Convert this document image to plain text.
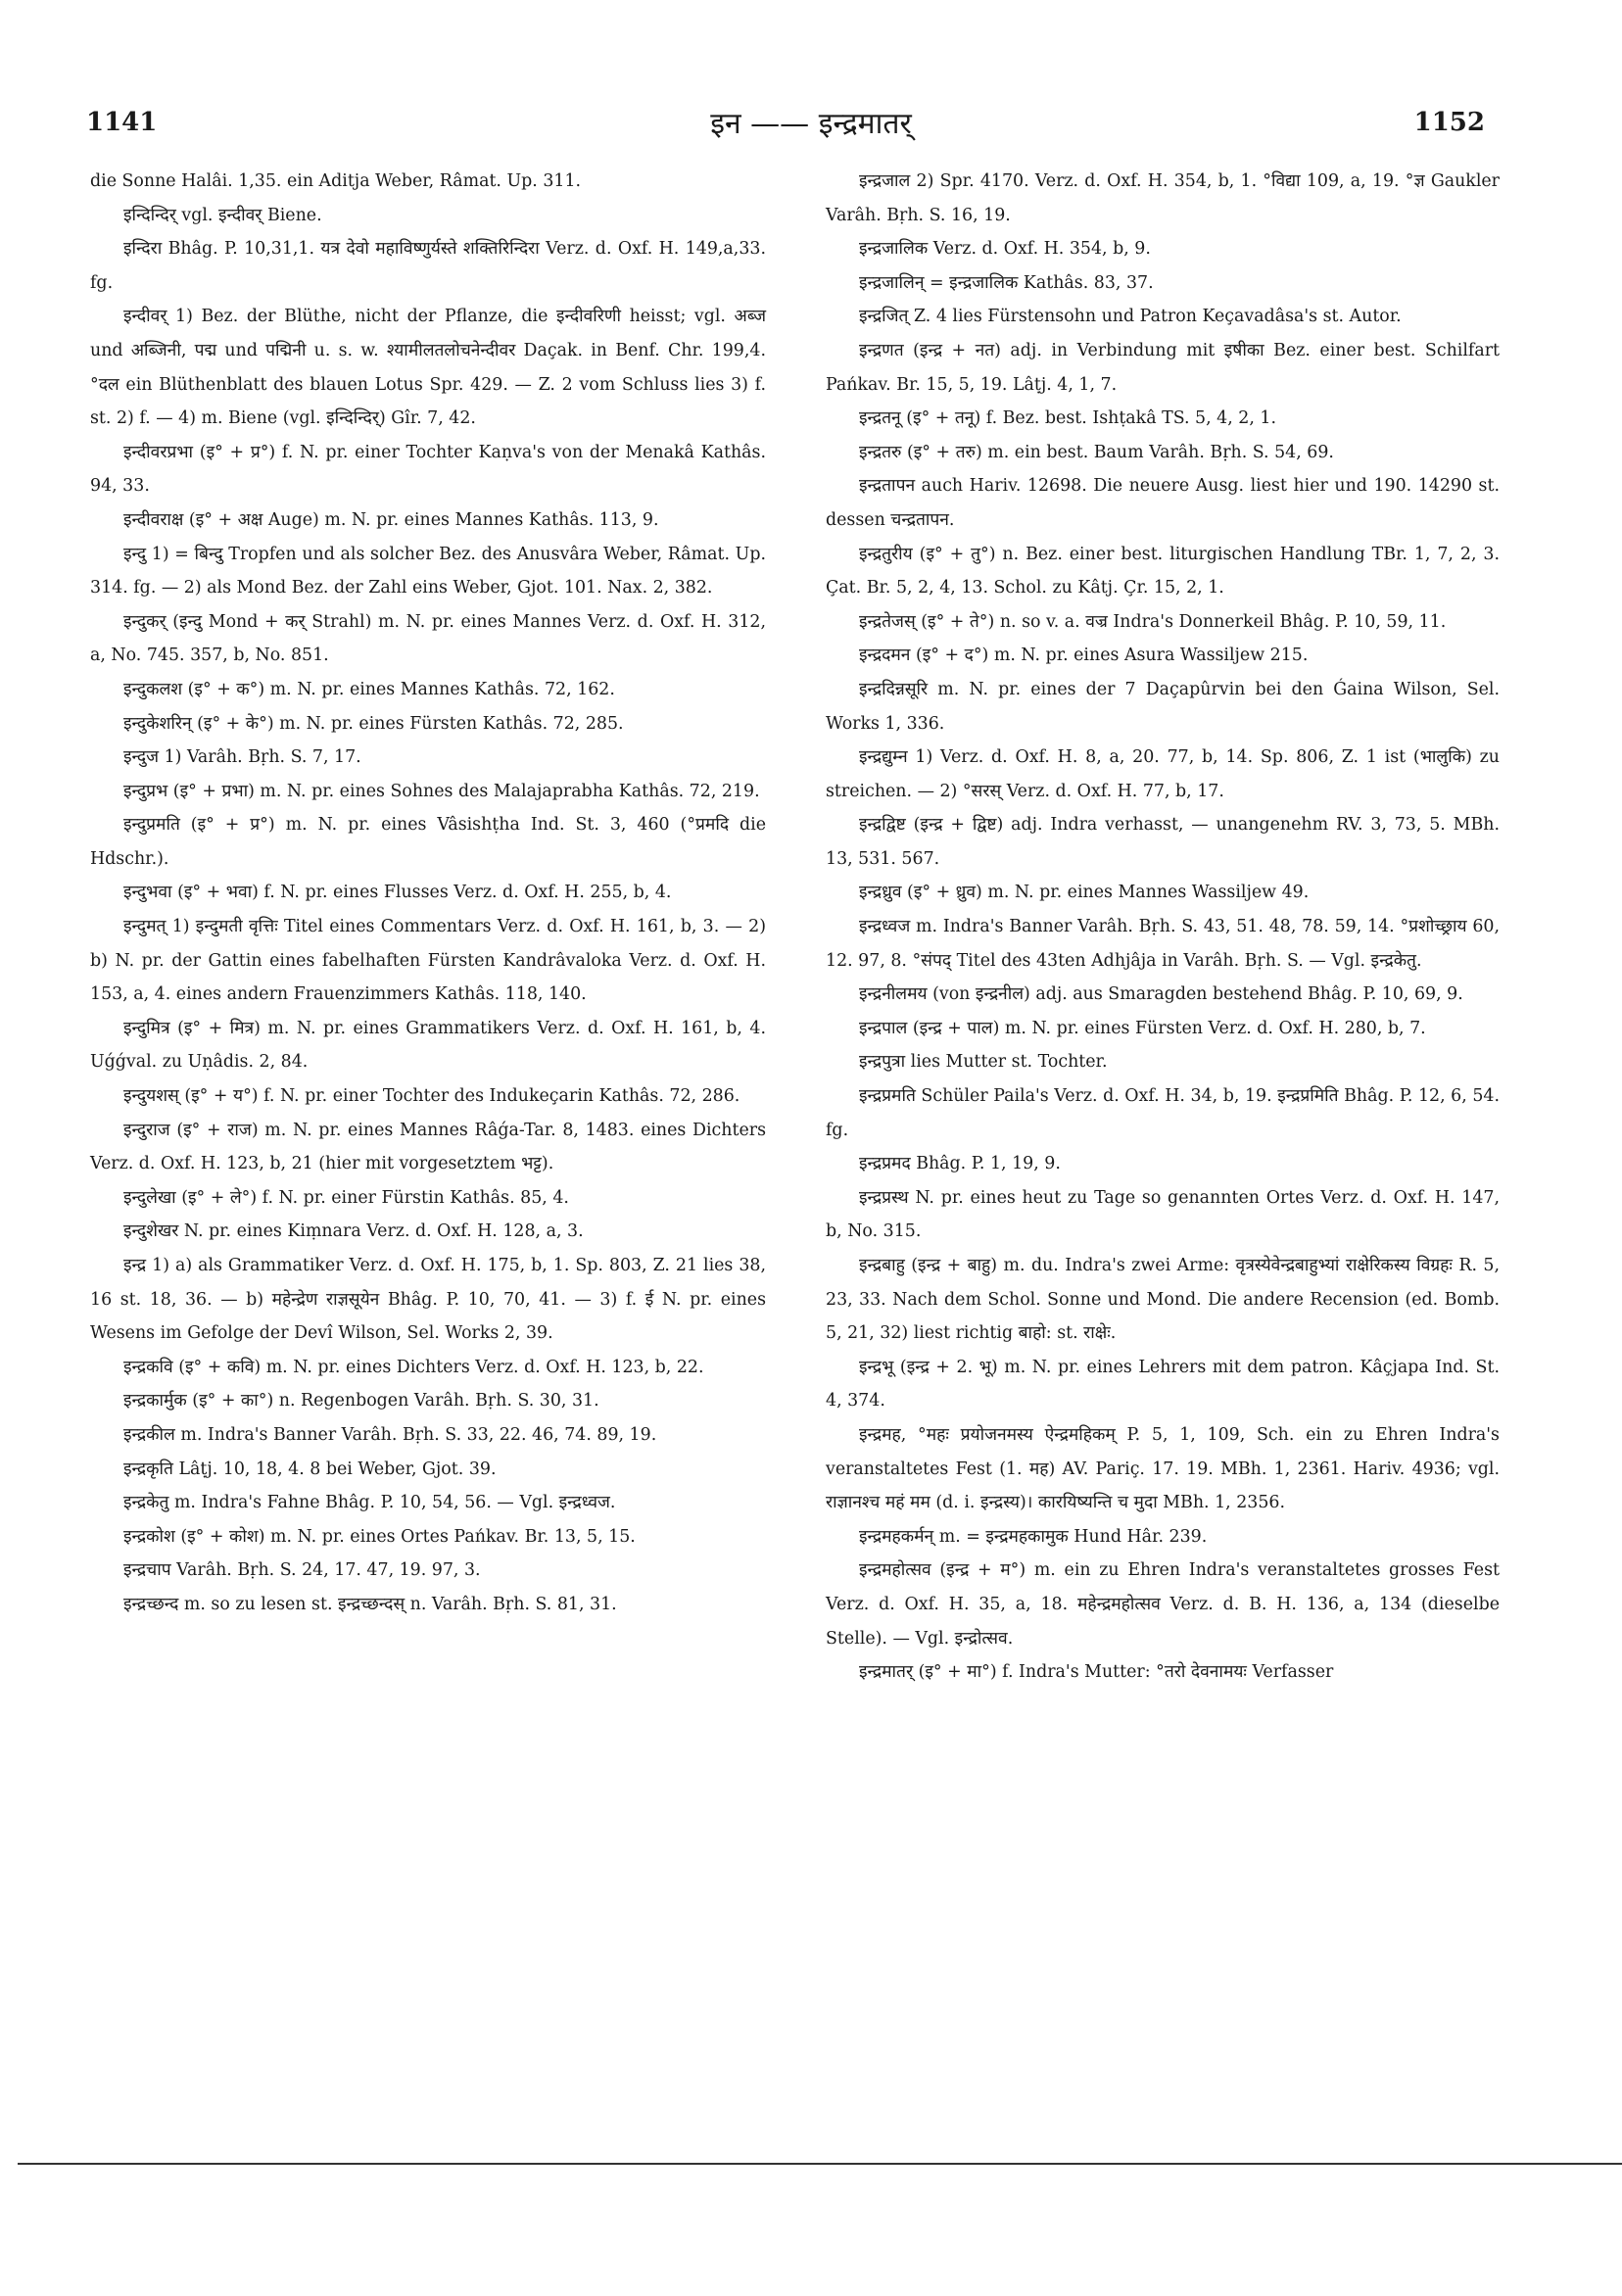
1141	इन —— इन्द्रमातर्	1152

die Sonne Halâi. 1,35. ein Aditja Weber, Râmat. Up. 311.

इन्दिन्दिर् vgl. इन्दीवर् Biene.

इन्दिरा Bhâg. P. 10,31,1. यत्र देवो महाविष्णुर्यस्ते शक्तिरिन्दिरा Verz. d. Oxf. H. 149,a,33. fg.

इन्दीवर् 1) Bez. der Blüthe, nicht der Pflanze, die इन्दीवरिणी heisst; vgl. अब्ज und अब्जिनी, पद्म und पद्मिनी u. s. w. श्यामीलतलोचनेन्दीवर Daçak. in Benf. Chr. 199,4. °दल ein Blüthenblatt des blauen Lotus Spr. 429. — Z. 2 vom Schluss lies 3) f. st. 2) f. — 4) m. Biene (vgl. इन्दिन्दिर्) Gîr. 7, 42.

इन्दीवरप्रभा (इ° + प्र°) f. N. pr. einer Tochter Kaṇva's von der Menakâ Kathâs. 94, 33.

इन्दीवराक्ष (इ° + अक्ष Auge) m. N. pr. eines Mannes Kathâs. 113, 9.

इन्दु 1) = बिन्दु Tropfen und als solcher Bez. des Anusvâra Weber, Râmat. Up. 314. fg. — 2) als Mond Bez. der Zahl eins Weber, Gjot. 101. Nax. 2, 382.

इन्दुकर् (इन्दु Mond + कर् Strahl) m. N. pr. eines Mannes Verz. d. Oxf. H. 312, a, No. 745. 357, b, No. 851.

इन्दुकलश (इ° + क°) m. N. pr. eines Mannes Kathâs. 72, 162.

इन्दुकेशरिन् (इ° + के°) m. N. pr. eines Fürsten Kathâs. 72, 285.

इन्दुज 1) Varâh. Bṛh. S. 7, 17.

इन्दुप्रभ (इ° + प्रभा) m. N. pr. eines Sohnes des Malajaprabha Kathâs. 72, 219.

इन्दुप्रमति (इ° + प्र°) m. N. pr. eines Vâsishṭha Ind. St. 3, 460 (°प्रमदि die Hdschr.).

इन्दुभवा (इ° + भवा) f. N. pr. eines Flusses Verz. d. Oxf. H. 255, b, 4.

इन्दुमत् 1) इन्दुमती वृत्तिः Titel eines Commentars Verz. d. Oxf. H. 161, b, 3. — 2) b) N. pr. der Gattin eines fabelhaften Fürsten Kandrâvaloka Verz. d. Oxf. H. 153, a, 4. eines andern Frauenzimmers Kathâs. 118, 140.

इन्दुमित्र (इ° + मित्र) m. N. pr. eines Grammatikers Verz. d. Oxf. H. 161, b, 4. Uǵǵval. zu Uṇâdis. 2, 84.

इन्दुयशस् (इ° + य°) f. N. pr. einer Tochter des Indukeçarin Kathâs. 72, 286.

इन्दुराज (इ° + राज) m. N. pr. eines Mannes Râǵa-Tar. 8, 1483. eines Dichters Verz. d. Oxf. H. 123, b, 21 (hier mit vorgesetztem भट्ट).

इन्दुलेखा (इ° + ले°) f. N. pr. einer Fürstin Kathâs. 85, 4.

इन्दुशेखर N. pr. eines Kiṃnara Verz. d. Oxf. H. 128, a, 3.

इन्द्र 1) a) als Grammatiker Verz. d. Oxf. H. 175, b, 1. Sp. 803, Z. 21 lies 38, 16 st. 18, 36. — b) महेन्द्रेण राज्ञसूयेन Bhâg. P. 10, 70, 41. — 3) f. ई N. pr. eines Wesens im Gefolge der Devî Wilson, Sel. Works 2, 39.

इन्द्रकवि (इ° + कवि) m. N. pr. eines Dichters Verz. d. Oxf. H. 123, b, 22.

इन्द्रकार्मुक (इ° + का°) n. Regenbogen Varâh. Bṛh. S. 30, 31.

इन्द्रकील m. Indra's Banner Varâh. Bṛh. S. 33, 22. 46, 74. 89, 19.

इन्द्रकृति Lâṭj. 10, 18, 4. 8 bei Weber, Gjot. 39.

इन्द्रकेतु m. Indra's Fahne Bhâg. P. 10, 54, 56. — Vgl. इन्द्रध्वज.

इन्द्रकोश (इ° + कोश) m. N. pr. eines Ortes Pańkav. Br. 13, 5, 15.

इन्द्रचाप Varâh. Bṛh. S. 24, 17. 47, 19. 97, 3.

इन्द्रच्छन्द m. so zu lesen st. इन्द्रच्छन्दस् n. Varâh. Bṛh. S. 81, 31.

इन्द्रजाल 2) Spr. 4170. Verz. d. Oxf. H. 354, b, 1. °विद्या 109, a, 19. °ज्ञ Gaukler Varâh. Bṛh. S. 16, 19.

इन्द्रजालिक Verz. d. Oxf. H. 354, b, 9.

इन्द्रजालिन् = इन्द्रजालिक Kathâs. 83, 37.

इन्द्रजित् Z. 4 lies Fürstensohn und Patron Keçavadâsa's st. Autor.

इन्द्रणत (इन्द्र + नत) adj. in Verbindung mit इषीका Bez. einer best. Schilfart Pańkav. Br. 15, 5, 19. Lâṭj. 4, 1, 7.

इन्द्रतनू (इ° + तनू) f. Bez. best. Ishṭakâ TS. 5, 4, 2, 1.

इन्द्रतरु (इ° + तरु) m. ein best. Baum Varâh. Bṛh. S. 54, 69.

इन्द्रतापन auch Hariv. 12698. Die neuere Ausg. liest hier und 190. 14290 st. dessen चन्द्रतापन.

इन्द्रतुरीय (इ° + तु°) n. Bez. einer best. liturgischen Handlung TBr. 1, 7, 2, 3. Çat. Br. 5, 2, 4, 13. Schol. zu Kâtj. Çr. 15, 2, 1.

इन्द्रतेजस् (इ° + ते°) n. so v. a. वज्र Indra's Donnerkeil Bhâg. P. 10, 59, 11.

इन्द्रदमन (इ° + द°) m. N. pr. eines Asura Wassiljew 215.

इन्द्रदिन्नसूरि m. N. pr. eines der 7 Daçapûrvin bei den Ǵaina Wilson, Sel. Works 1, 336.

इन्द्रद्युम्न 1) Verz. d. Oxf. H. 8, a, 20. 77, b, 14. Sp. 806, Z. 1 ist (भालुकि) zu streichen. — 2) °सरस् Verz. d. Oxf. H. 77, b, 17.

इन्द्रद्विष्ट (इन्द्र + द्विष्ट) adj. Indra verhasst, — unangenehm RV. 3, 73, 5. MBh. 13, 531. 567.

इन्द्रध्रुव (इ° + ध्रुव) m. N. pr. eines Mannes Wassiljew 49.

इन्द्रध्वज m. Indra's Banner Varâh. Bṛh. S. 43, 51. 48, 78. 59, 14. °प्रशोच्छ्राय 60, 12. 97, 8. °संपद् Titel des 43ten Adhjâja in Varâh. Bṛh. S. — Vgl. इन्द्रकेतु.

इन्द्रनीलमय (von इन्द्रनील) adj. aus Smaragden bestehend Bhâg. P. 10, 69, 9.

इन्द्रपाल (इन्द्र + पाल) m. N. pr. eines Fürsten Verz. d. Oxf. H. 280, b, 7.

इन्द्रपुत्रा lies Mutter st. Tochter.

इन्द्रप्रमति Schüler Paila's Verz. d. Oxf. H. 34, b, 19. इन्द्रप्रमिति Bhâg. P. 12, 6, 54. fg.

इन्द्रप्रमद Bhâg. P. 1, 19, 9.

इन्द्रप्रस्थ N. pr. eines heut zu Tage so genannten Ortes Verz. d. Oxf. H. 147, b, No. 315.

इन्द्रबाहु (इन्द्र + बाहु) m. du. Indra's zwei Arme: वृत्रस्येवेन्द्रबाहुभ्यां राक्षेरिकस्य विग्रहः R. 5, 23, 33. Nach dem Schol. Sonne und Mond. Die andere Recension (ed. Bomb. 5, 21, 32) liest richtig बाहो: st. राक्षेः.

इन्द्रभू (इन्द्र + 2. भू) m. N. pr. eines Lehrers mit dem patron. Kâçjapa Ind. St. 4, 374.

इन्द्रमह, °महः प्रयोजनमस्य ऐन्द्रमहिकम् P. 5, 1, 109, Sch. ein zu Ehren Indra's veranstaltetes Fest (1. मह) AV. Pariç. 17. 19. MBh. 1, 2361. Hariv. 4936; vgl. राज्ञानश्च महं मम (d. i. इन्द्रस्य)। कारयिष्यन्ति च मुदा MBh. 1, 2356.

इन्द्रमहकर्मन् m. = इन्द्रमहकामुक Hund Hâr. 239.

इन्द्रमहोत्सव (इन्द्र + म°) m. ein zu Ehren Indra's veranstaltetes grosses Fest Verz. d. Oxf. H. 35, a, 18. महेन्द्रमहोत्सव Verz. d. B. H. 136, a, 134 (dieselbe Stelle). — Vgl. इन्द्रोत्सव.

इन्द्रमातर् (इ° + मा°) f. Indra's Mutter: °तरो देवनामयः Verfasser
